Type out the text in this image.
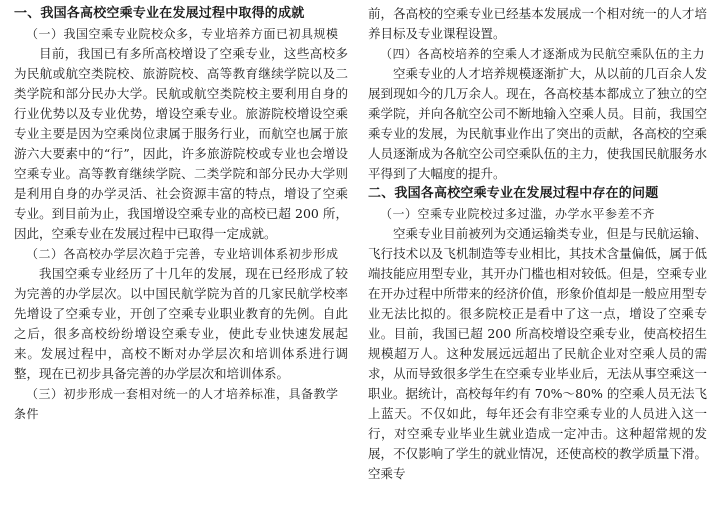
一、我国各高校空乘专业在发展过程中取得的成就

（一）我国空乘专业院校众多，专业培养方面已初具规模

目前，我国已有多所高校增设了空乘专业，这些高校多为民航或航空类院校、旅游院校、高等教育继续学院以及二类学院和部分民办大学。民航或航空类院校主要利用自身的行业优势以及专业优势，增设空乘专业。旅游院校增设空乘专业主要是因为空乘岗位隶属于服务行业，而航空也属于旅游六大要素中的“行”，因此，许多旅游院校或专业也会增设空乘专业。高等教育继续学院、二类学院和部分民办大学则是利用自身的办学灵活、社会资源丰富的特点，增设了空乘专业。到目前为止，我国增设空乘专业的高校已超 200 所，因此，空乘专业在发展过程中已取得一定成就。

（二）各高校办学层次趋于完善，专业培训体系初步形成

我国空乘专业经历了十几年的发展，现在已经形成了较为完善的办学层次。以中国民航学院为首的几家民航学校率先增设了空乘专业，开创了空乘专业职业教育的先例。自此之后，很多高校纷纷增设空乘专业，使此专业快速发展起来。发展过程中，高校不断对办学层次和培训体系进行调整，现在已初步具备完善的办学层次和培训体系。

（三）初步形成一套相对统一的人才培养标准，具备教学条件

前，各高校的空乘专业已经基本发展成一个相对统一的人才培养目标及专业课程设置。

（四）各高校培养的空乘人才逐渐成为民航空乘队伍的主力

空乘专业的人才培养规模逐渐扩大，从以前的几百余人发展到现如今的几万余人。现在，各高校基本都成立了独立的空乘学院，并向各航空公司不断地输入空乘人员。目前，我国空乘专业的发展，为民航事业作出了突出的贡献，各高校的空乘人员逐渐成为各航空公司空乘队伍的主力，使我国民航服务水平得到了大幅度的提升。

二、我国各高校空乘专业在发展过程中存在的问题

（一）空乘专业院校过多过滥，办学水平参差不齐

空乘专业目前被列为交通运输类专业，但是与民航运输、飞行技术以及飞机制造等专业相比，其技术含量偏低，属于低端技能应用型专业，其开办门槛也相对较低。但是，空乘专业在开办过程中所带来的经济价值，形象价值却是一般应用型专业无法比拟的。很多院校正是看中了这一点，增设了空乘专业。目前，我国已超 200 所高校增设空乘专业，使高校招生规模超万人。这种发展远远超出了民航企业对空乘人员的需求，从而导致很多学生在空乘专业毕业后，无法从事空乘这一职业。据统计，高校每年约有 70%～80% 的空乘人员无法飞上蓝天。不仅如此，每年还会有非空乘专业的人员进入这一行，对空乘专业毕业生就业造成一定冲击。这种超常规的发展，不仅影响了学生的就业情况，还使高校的教学质量下滑。空乘专
